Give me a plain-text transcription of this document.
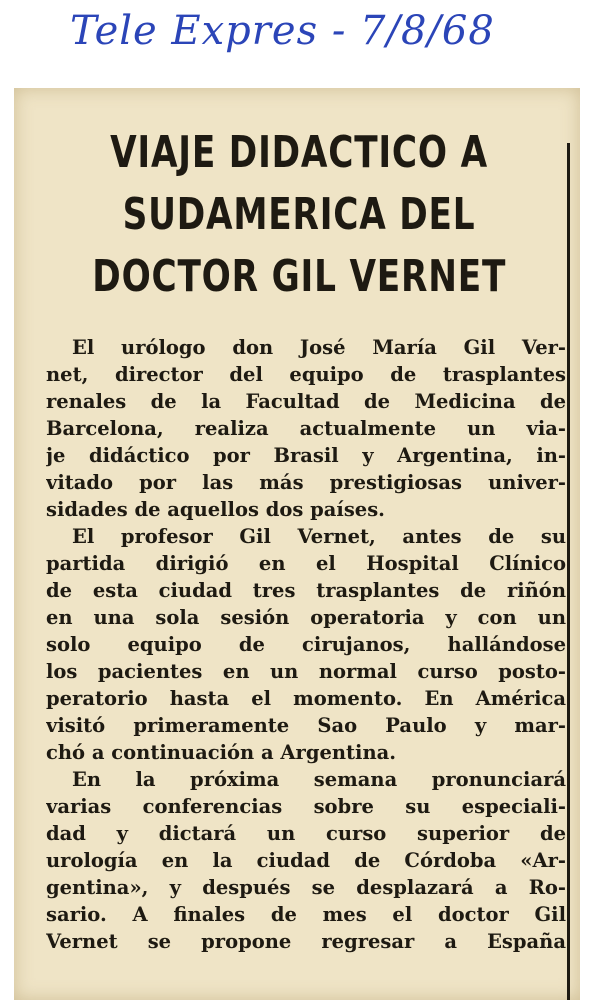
Tele Expres - 7/8/68
VIAJE DIDACTICO A
SUDAMERICA DEL
DOCTOR GIL VERNET
El urólogo don José María Gil Ver-
net, director del equipo de trasplantes
renales de la Facultad de Medicina de
Barcelona, realiza actualmente un via-
je didáctico por Brasil y Argentina, in-
vitado por las más prestigiosas univer-
sidades de aquellos dos países.
El profesor Gil Vernet, antes de su
partida dirigió en el Hospital Clínico
de esta ciudad tres trasplantes de riñón
en una sola sesión operatoria y con un
solo equipo de cirujanos, hallándose
los pacientes en un normal curso posto-
peratorio hasta el momento. En América
visitó primeramente Sao Paulo y mar-
chó a continuación a Argentina.
En la próxima semana pronunciará
varias conferencias sobre su especiali-
dad y dictará un curso superior de
urología en la ciudad de Córdoba «Ar-
gentina», y después se desplazará a Ro-
sario. A finales de mes el doctor Gil
Vernet se propone regresar a España
